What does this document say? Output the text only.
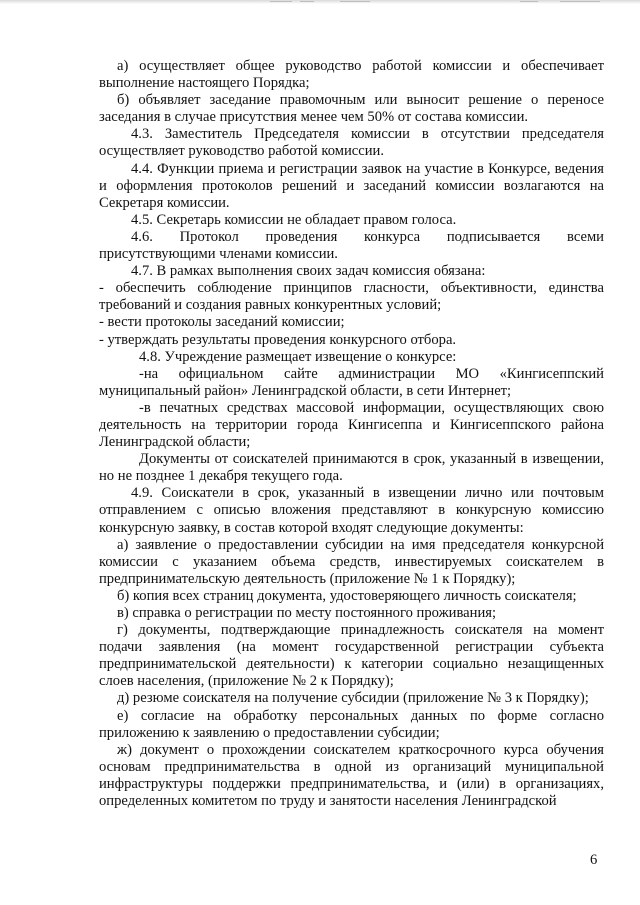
а) осуществляет общее руководство работой комиссии и обеспечивает выполнение настоящего Порядка;

б) объявляет заседание правомочным или выносит решение о переносе заседания в случае присутствия менее чем 50% от состава комиссии.

4.3. Заместитель Председателя комиссии в отсутствии председателя осуществляет руководство работой комиссии.

4.4. Функции приема и регистрации заявок на участие в Конкурсе, ведения и оформления протоколов решений и заседаний комиссии возлагаются на Секретаря комиссии.

4.5. Секретарь комиссии не обладает правом голоса.

4.6. Протокол проведения конкурса подписывается всеми присутствующими членами комиссии.

4.7. В рамках выполнения своих задач комиссия обязана:

- обеспечить соблюдение принципов гласности, объективности, единства требований и создания равных конкурентных условий;

- вести протоколы заседаний комиссии;

- утверждать результаты проведения конкурсного отбора.

4.8. Учреждение размещает извещение о конкурсе:

-на официальном сайте администрации МО «Кингисеппский муниципальный район» Ленинградской области, в сети Интернет;

-в печатных средствах массовой информации, осуществляющих свою деятельность на территории города Кингисеппа и Кингисеппского района Ленинградской области;

Документы от соискателей принимаются в срок, указанный в извещении, но не позднее 1 декабря текущего года.

4.9. Соискатели в срок, указанный в извещении лично или почтовым отправлением с описью вложения представляют в конкурсную комиссию конкурсную заявку, в состав которой входят следующие документы:

а) заявление о предоставлении субсидии на имя председателя конкурсной комиссии с указанием объема средств, инвестируемых соискателем в предпринимательскую деятельность (приложение № 1 к Порядку);

б) копия всех страниц документа, удостоверяющего личность соискателя;

в) справка о регистрации по месту постоянного проживания;

г) документы, подтверждающие принадлежность соискателя на момент подачи заявления (на момент государственной регистрации субъекта предпринимательской деятельности) к категории социально незащищенных слоев населения, (приложение № 2 к Порядку);

д) резюме соискателя на получение субсидии (приложение № 3 к Порядку);

е) согласие на обработку персональных данных по форме согласно приложению к заявлению о предоставлении субсидии;

ж) документ о прохождении соискателем краткосрочного курса обучения основам предпринимательства в одной из организаций муниципальной инфраструктуры поддержки предпринимательства, и (или) в организациях, определенных комитетом по труду и занятости населения Ленинградской

6
